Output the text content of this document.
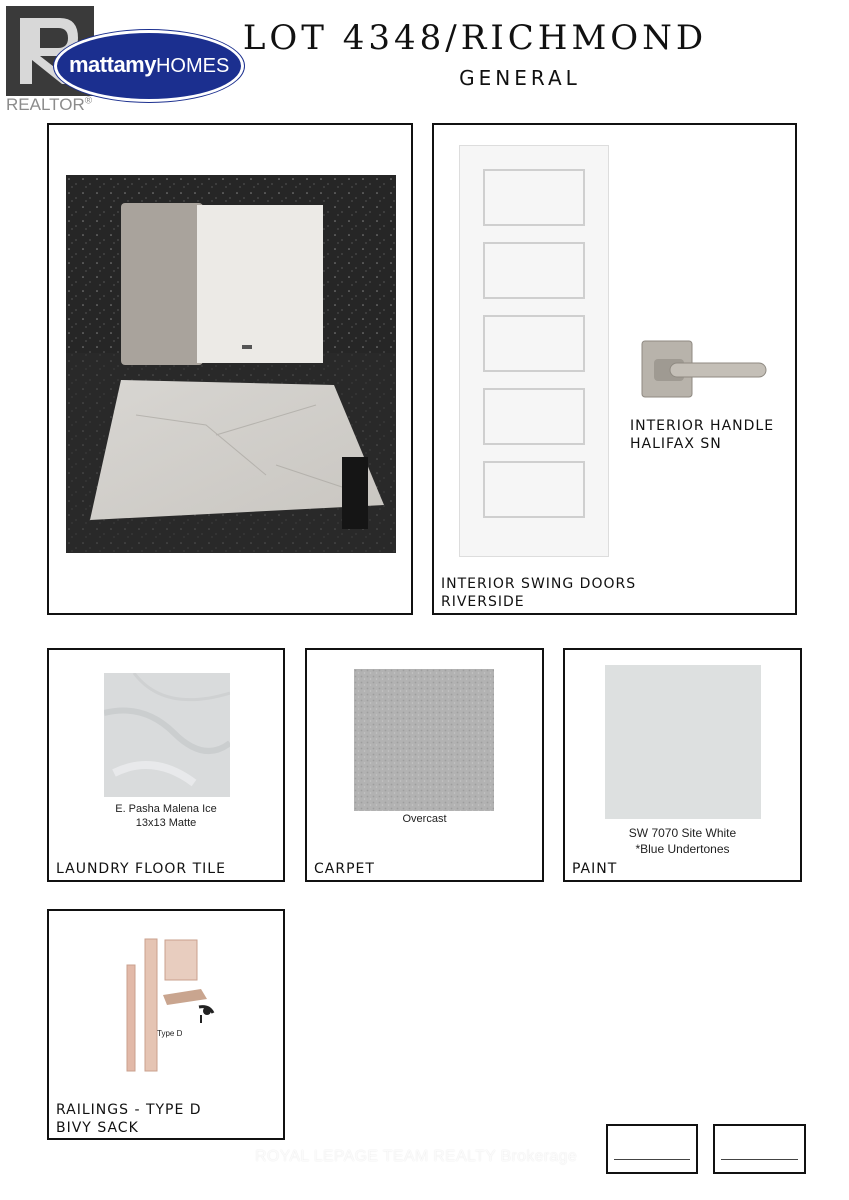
mattamyHOMES
REALTOR®
LOT 4348/RICHMOND
GENERAL
INTERIOR HANDLE
HALIFAX SN
INTERIOR SWING DOORS
RIVERSIDE
E. Pasha Malena Ice
13x13 Matte
LAUNDRY FLOOR TILE
Overcast
CARPET
SW 7070 Site White
*Blue Undertones
PAINT
Type D
RAILINGS - TYPE D
BIVY SACK
ROYAL LEPAGE TEAM REALTY Brokerage
